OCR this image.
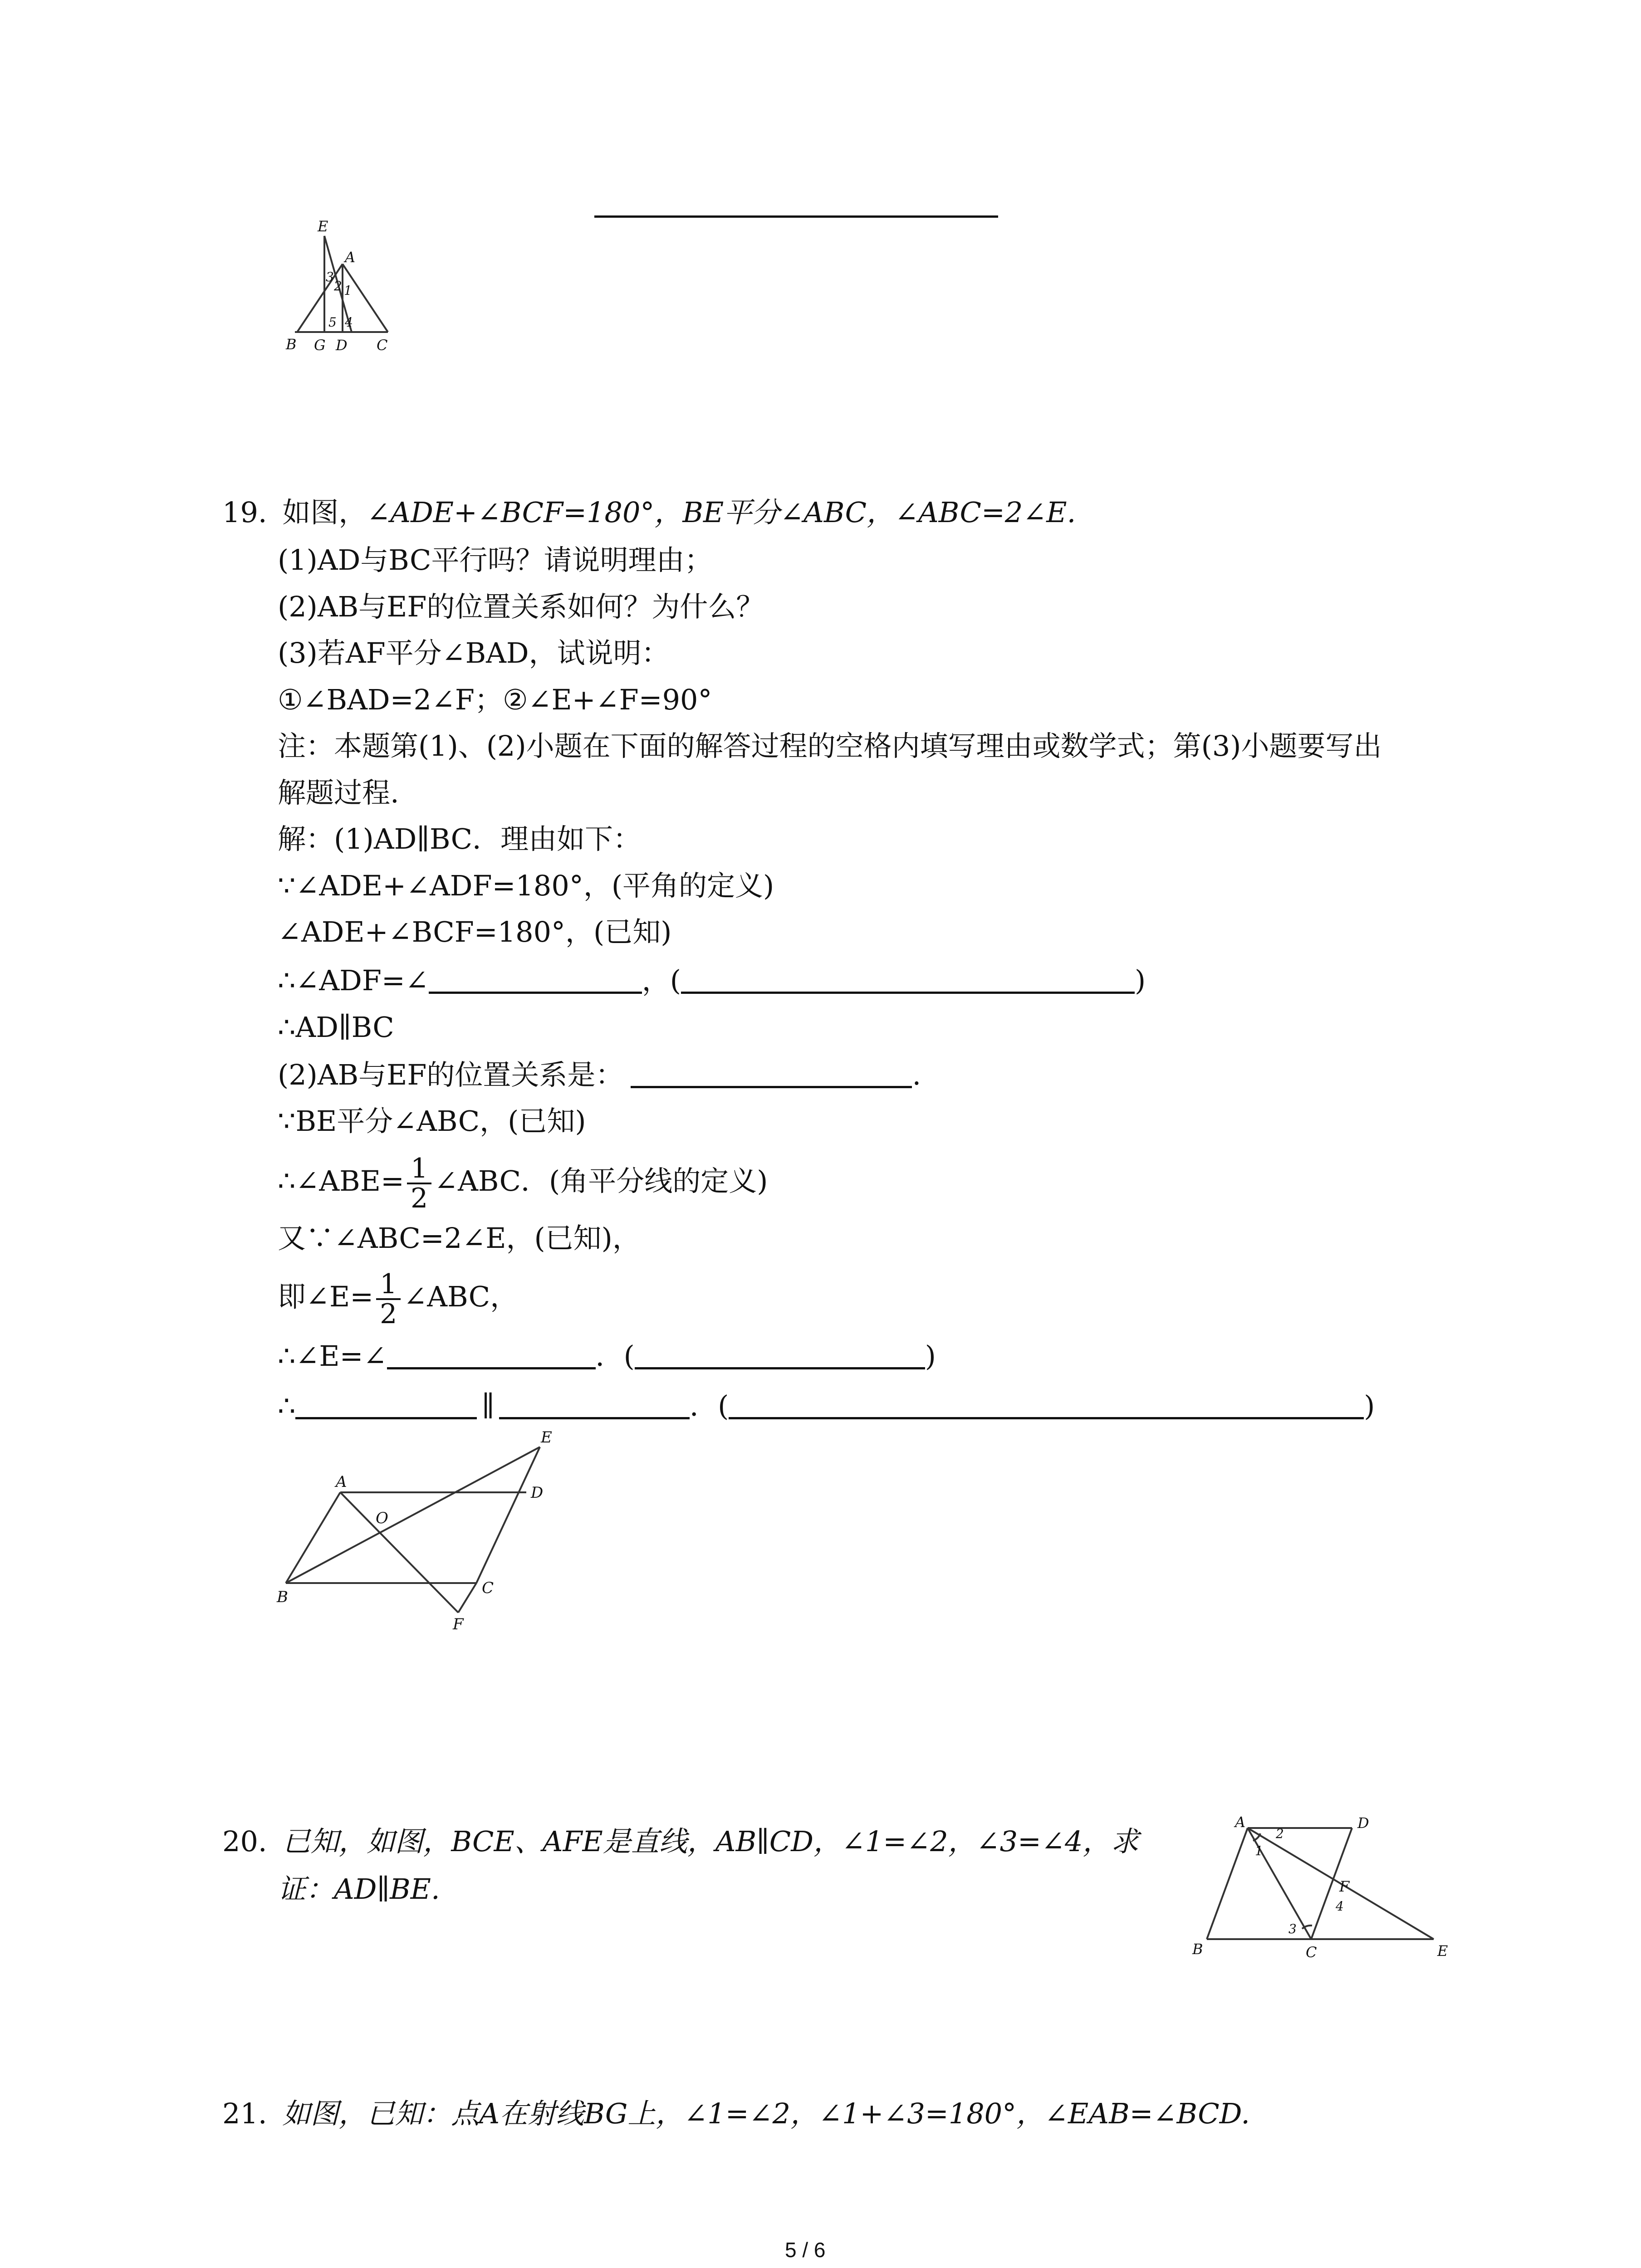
E
A
B G D C
3
2 1
5 4
19. 如图，∠ADE+∠BCF=180°，BE平分∠ABC，∠ABC=2∠E.
(1)AD与BC平行吗？请说明理由；
(2)AB与EF的位置关系如何？为什么？
(3)若AF平分∠BAD，试说明：
①∠BAD=2∠F；②∠E+∠F=90°
注：本题第(1)、(2)小题在下面的解答过程的空格内填写理由或数学式；第(3)小题要写出
解题过程.
解：(1)AD∥BC．理由如下：
∵∠ADE+∠ADF=180°，(平角的定义)
∠ADE+∠BCF=180°，(已知)
∴∠ADF=∠	，(	)
∴AD∥BC
(2)AB与EF的位置关系是：	.
∵BE平分∠ABC，(已知)
∴∠ABE= $\frac{1}{2}$ ∠ABC．(角平分线的定义)
又∵∠ABC=2∠E，(已知)，
即∠E= $\frac{1}{2}$ ∠ABC，
∴∠E=∠	．(	)
∴	∥	．(	)
A
B	C
D
E
F
O
20. 已知，如图，BCE、AFE是直线，AB∥CD，∠1=∠2，∠3=∠4，求
证：AD∥BE.
A	D
B	C	E
F
1
2
3
4
21. 如图，已知：点A在射线BG上，∠1=∠2，∠1+∠3=180°，∠EAB=∠BCD.
5 / 6
